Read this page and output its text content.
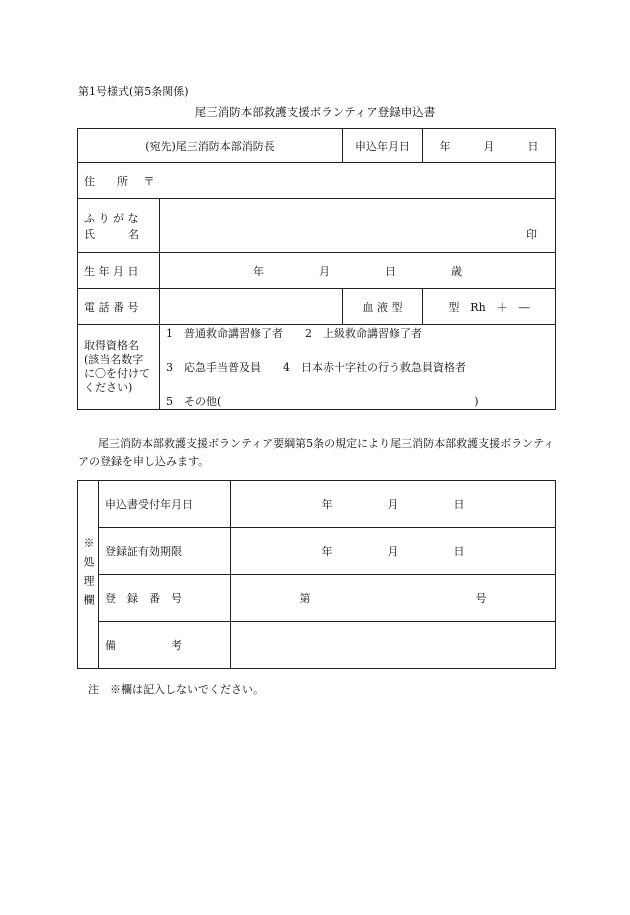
第1号様式(第5条関係)
尾三消防本部救護支援ボランティア登録申込書
(宛先)尾三消防本部消防長		申込年月日	年　　　月　　　日
住　　所 〒			

ふ り が な
氏　　　名	印		

生 年 月 日	年　　　　　月　　　　　日　　　　　歳		
電 話 番 号		血 液 型	型　Rh　＋　―

取得資格名
(該当名数字
に〇を付けて
ください)	1　普通救命講習修了者　　2　上級救命講習修了者
3　応急手当普及員　　4　日本赤十字社の行う救急員資格者
5　その他(　　　　　　　　　　　　　　　　　　　　　　　)		
尾三消防本部救護支援ボランティア要綱第5条の規定により尾三消防本部救護支援ボランティアの登録を申し込みます。
※処理欄	申込書受付年月日	年　　　　　月　　　　　日
	登録証有効期限	年　　　　　月　　　　　日
	登　録　番　号	第　　　　　　　　　　　　　　　号
	備　　　　　考	
注　※欄は記入しないでください。
